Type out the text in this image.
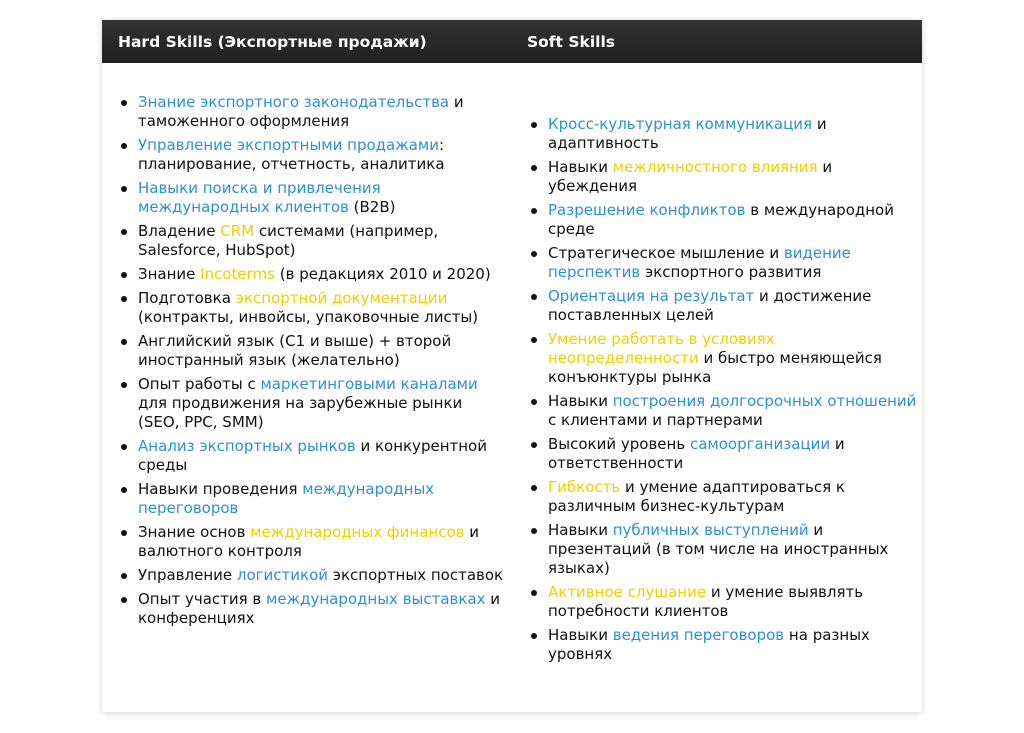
Hard Skills (Экспортные продажи)	Soft Skills
Знание экспортного законодательства и таможенного оформления
Управление экспортными продажами: планирование, отчетность, аналитика
Навыки поиска и привлечения международных клиентов (B2B)
Владение CRM системами (например, Salesforce, HubSpot)
Знание Incoterms (в редакциях 2010 и 2020)
Подготовка экспортной документации (контракты, инвойсы, упаковочные листы)
Английский язык (C1 и выше) + второй иностранный язык (желательно)
Опыт работы с маркетинговыми каналами для продвижения на зарубежные рынки (SEO, PPC, SMM)
Анализ экспортных рынков и конкурентной среды
Навыки проведения международных переговоров
Знание основ международных финансов и валютного контроля
Управление логистикой экспортных поставок
Опыт участия в международных выставках и конференциях
Кросс-культурная коммуникация и адаптивность
Навыки межличностного влияния и убеждения
Разрешение конфликтов в международной среде
Стратегическое мышление и видение перспектив экспортного развития
Ориентация на результат и достижение поставленных целей
Умение работать в условиях неопределенности и быстро меняющейся конъюнктуры рынка
Навыки построения долгосрочных отношений с клиентами и партнерами
Высокий уровень самоорганизации и ответственности
Гибкость и умение адаптироваться к различным бизнес-культурам
Навыки публичных выступлений и презентаций (в том числе на иностранных языках)
Активное слушание и умение выявлять потребности клиентов
Навыки ведения переговоров на разных уровнях
